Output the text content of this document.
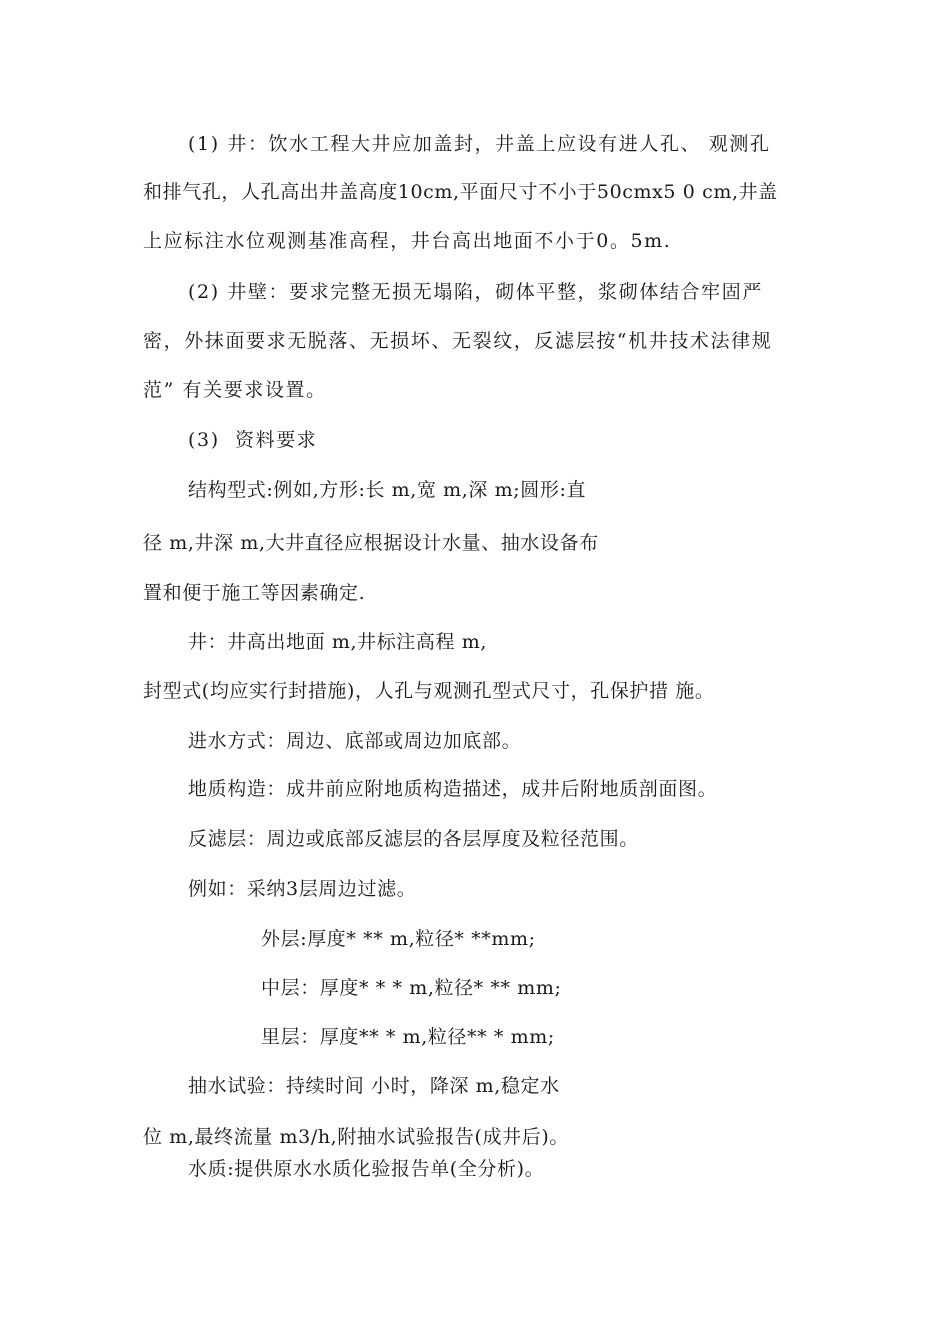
(1) 井：饮水工程大井应加盖封，井盖上应设有进人孔、 观测孔
和排气孔，人孔高出井盖高度10cm,平面尺寸不小于50cmx5 0 cm,井盖
上应标注水位观测基准高程，井台高出地面不小于0。5m.
(2) 井壁：要求完整无损无塌陷，砌体平整，浆砌体结合牢固严
密，外抹面要求无脱落、无损坏、无裂纹，反滤层按“机井技术法律规
范” 有关要求设置。
(3)  资料要求
结构型式:例如,方形:长 m,宽 m,深 m;圆形:直
径 m,井深 m,大井直径应根据设计水量、抽水设备布
置和便于施工等因素确定.
井：井高出地面 m,井标注高程 m,
封型式(均应实行封措施)，人孔与观测孔型式尺寸，孔保护措 施。
进水方式：周边、底部或周边加底部。
地质构造：成井前应附地质构造描述，成井后附地质剖面图。
反滤层：周边或底部反滤层的各层厚度及粒径范围。
例如：采纳3层周边过滤。
外层:厚度* ** m,粒径* **mm;
中层：厚度* * * m,粒径* ** mm;
里层：厚度** * m,粒径** * mm;
抽水试验：持续时间 小时，降深 m,稳定水
位 m,最终流量 m3/h,附抽水试验报告(成井后)。
水质:提供原水水质化验报告单(全分析)。
